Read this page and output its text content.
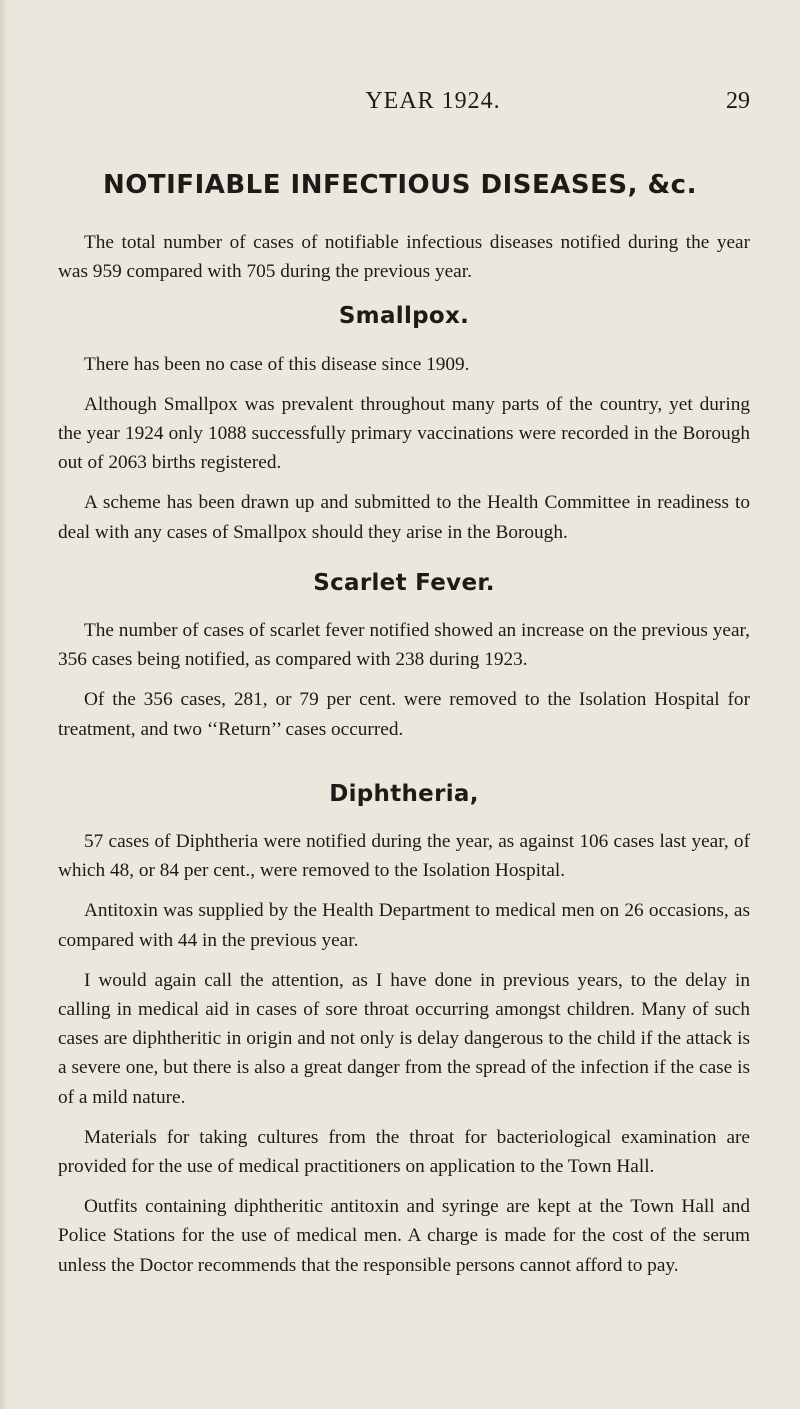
YEAR 1924.	29
NOTIFIABLE INFECTIOUS DISEASES, &c.

The total number of cases of notifiable infectious diseases notified during the year was 959 compared with 705 during the previous year.

Smallpox.

There has been no case of this disease since 1909.

Although Smallpox was prevalent throughout many parts of the country, yet during the year 1924 only 1088 successfully primary vaccinations were recorded in the Borough out of 2063 births registered.

A scheme has been drawn up and submitted to the Health Committee in readiness to deal with any cases of Smallpox should they arise in the Borough.

Scarlet Fever.

The number of cases of scarlet fever notified showed an increase on the previous year, 356 cases being notified, as compared with 238 during 1923.

Of the 356 cases, 281, or 79 per cent. were removed to the Isolation Hospital for treatment, and two ‘‘Return’’ cases occurred.

Diphtheria,

57 cases of Diphtheria were notified during the year, as against 106 cases last year, of which 48, or 84 per cent., were removed to the Isolation Hospital.

Antitoxin was supplied by the Health Department to medical men on 26 occasions, as compared with 44 in the previous year.

I would again call the attention, as I have done in previous years, to the delay in calling in medical aid in cases of sore throat occurring amongst children. Many of such cases are diphtheritic in origin and not only is delay dangerous to the child if the attack is a severe one, but there is also a great danger from the spread of the infection if the case is of a mild nature.

Materials for taking cultures from the throat for bacteriological examination are provided for the use of medical practitioners on application to the Town Hall.

Outfits containing diphtheritic antitoxin and syringe are kept at the Town Hall and Police Stations for the use of medical men. A charge is made for the cost of the serum unless the Doctor recommends that the responsible persons cannot afford to pay.
